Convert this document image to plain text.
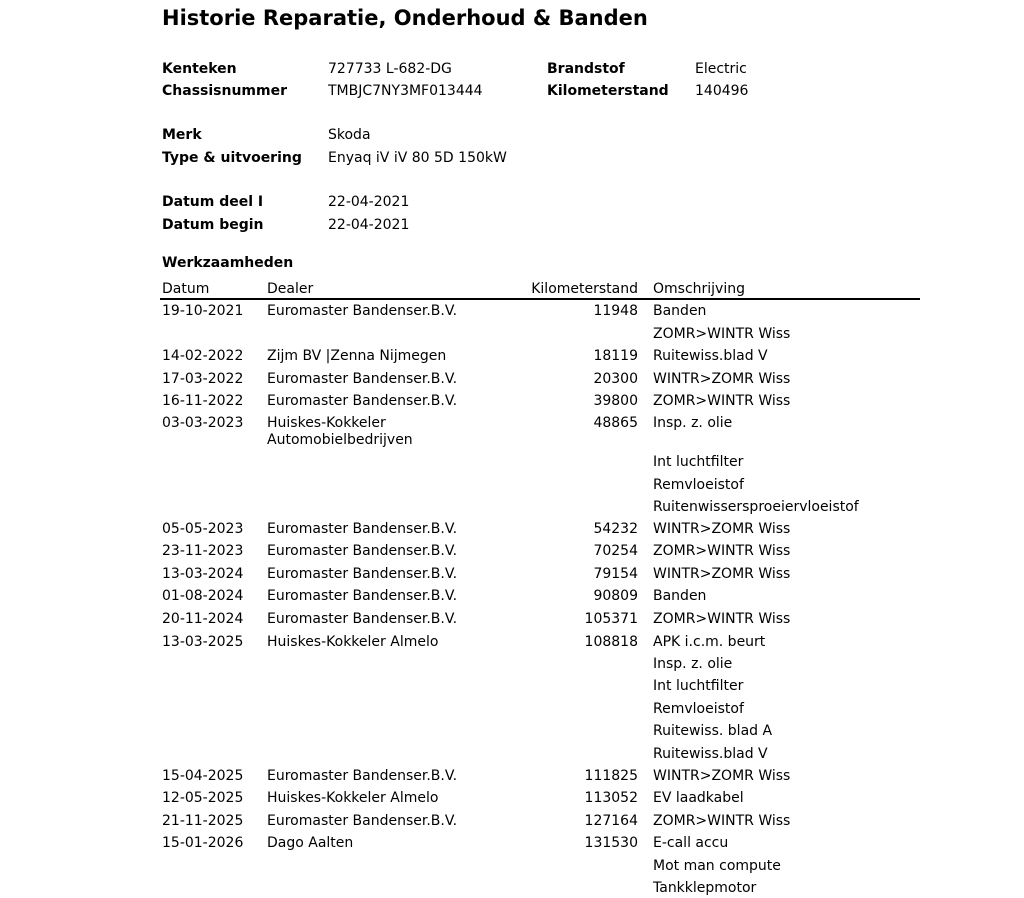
Historie Reparatie, Onderhoud & Banden
Kenteken	727733 L-682-DG	Brandstof	Electric
Chassisnummer	TMBJC7NY3MF013444	Kilometerstand 140496
Merk	Skoda
Type & uitvoering Enyaq iV iV 80 5D 150kW
Datum deel I	22-04-2021
Datum begin	22-04-2021
Werkzaamheden
Datum	Dealer	Kilometerstand Omschrijving
19-10-2021 Euromaster Bandenser.B.V.	11948 Banden
ZOMR>WINTR Wiss
14-02-2022 Zijm BV |Zenna Nijmegen	18119 Ruitewiss.blad V
17-03-2022 Euromaster Bandenser.B.V.	20300 WINTR>ZOMR Wiss
16-11-2022 Euromaster Bandenser.B.V.	39800 ZOMR>WINTR Wiss
03-03-2023 Huiskes-Kokkeler	48865 Insp. z. olie
Automobielbedrijven
Int luchtfilter
Remvloeistof
Ruitenwissersproeiervloeistof
05-05-2023 Euromaster Bandenser.B.V.	54232 WINTR>ZOMR Wiss
23-11-2023 Euromaster Bandenser.B.V.	70254 ZOMR>WINTR Wiss
13-03-2024 Euromaster Bandenser.B.V.	79154 WINTR>ZOMR Wiss
01-08-2024 Euromaster Bandenser.B.V.	90809 Banden
20-11-2024 Euromaster Bandenser.B.V.	105371 ZOMR>WINTR Wiss
13-03-2025 Huiskes-Kokkeler Almelo	108818 APK i.c.m. beurt
Insp. z. olie
Int luchtfilter
Remvloeistof
Ruitewiss. blad A
Ruitewiss.blad V
15-04-2025 Euromaster Bandenser.B.V.	111825 WINTR>ZOMR Wiss
12-05-2025 Huiskes-Kokkeler Almelo	113052 EV laadkabel
21-11-2025 Euromaster Bandenser.B.V.	127164 ZOMR>WINTR Wiss
15-01-2026 Dago Aalten	131530 E-call accu
Mot man compute
Tankklepmotor
